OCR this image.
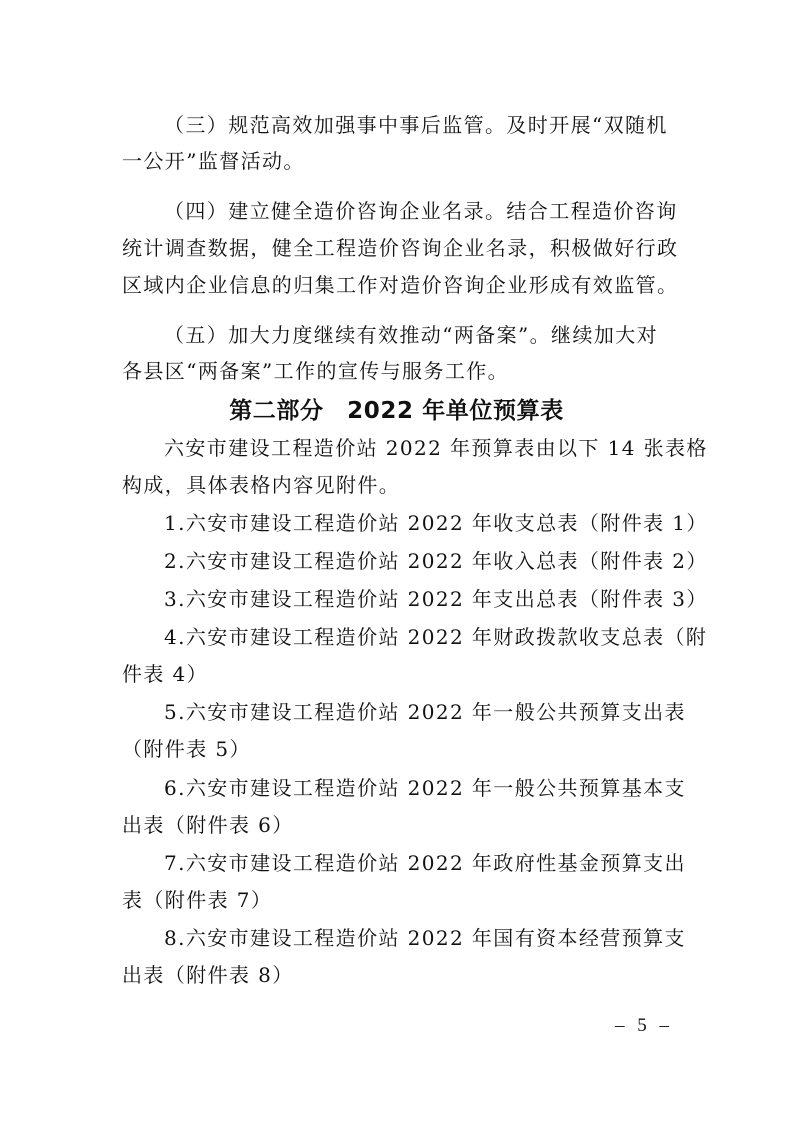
（三）规范高效加强事中事后监管。及时开展“双随机
一公开”监督活动。
（四）建立健全造价咨询企业名录。结合工程造价咨询
统计调查数据，健全工程造价咨询企业名录，积极做好行政
区域内企业信息的归集工作对造价咨询企业形成有效监管。
（五）加大力度继续有效推动“两备案”。继续加大对
各县区“两备案”工作的宣传与服务工作。
第二部分　2022 年单位预算表
六安市建设工程造价站 2022 年预算表由以下 14 张表格
构成，具体表格内容见附件。
1.六安市建设工程造价站 2022 年收支总表（附件表 1）
2.六安市建设工程造价站 2022 年收入总表（附件表 2）
3.六安市建设工程造价站 2022 年支出总表（附件表 3）
4.六安市建设工程造价站 2022 年财政拨款收支总表（附
件表 4）
5.六安市建设工程造价站 2022 年一般公共预算支出表
（附件表 5）
6.六安市建设工程造价站 2022 年一般公共预算基本支
出表（附件表 6）
7.六安市建设工程造价站 2022 年政府性基金预算支出
表（附件表 7）
8.六安市建设工程造价站 2022 年国有资本经营预算支
出表（附件表 8）
– 5 –
